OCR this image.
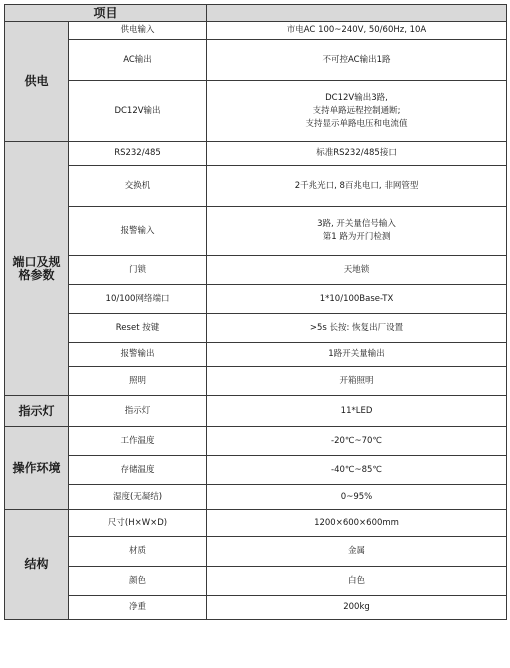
项目		
供电	供电输入	市电AC 100~240V, 50/60Hz, 10A

	AC输出	不可控AC输出1路

	DC12V输出	DC12V输出3路,
支持单路远程控制通断;
支持显示单路电压和电流值

端口及规格参数	RS232/485	标准RS232/485接口

	交换机	2千兆光口, 8百兆电口, 非网管型

	报警输入	3路, 开关量信号输入
第1 路为开门检测

	门锁	天地锁

	10/100网络端口	1*10/100Base-TX

	Reset 按键	>5s 长按: 恢复出厂设置

	报警输出	1路开关量输出

	照明	开箱照明

指示灯	指示灯	11*LED

操作环境	工作温度	-20℃~70℃

	存储温度	-40℃~85℃

	湿度(无凝结)	0~95%

结构	尺寸(H×W×D)	1200×600×600mm

	材质	金属

	颜色	白色

	净重	200kg
